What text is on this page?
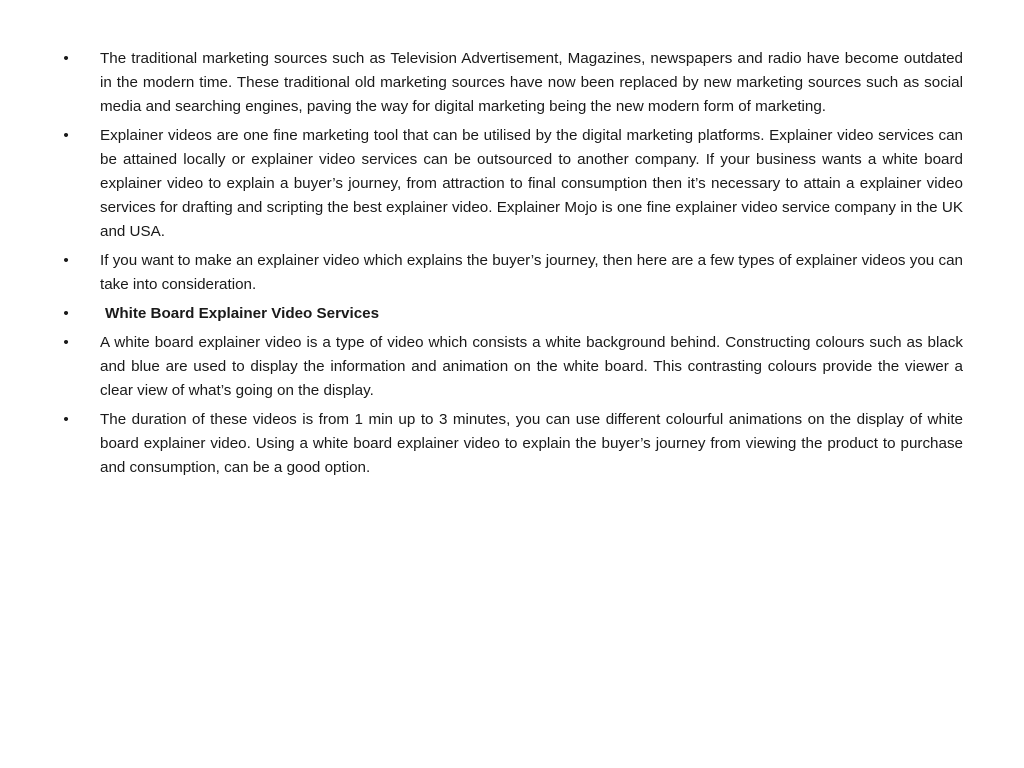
• The traditional marketing sources such as Television Advertisement, Magazines, newspapers and radio have become outdated in the modern time. These traditional old marketing sources have now been replaced by new marketing sources such as social media and searching engines, paving the way for digital marketing being the new modern form of marketing.
• Explainer videos are one fine marketing tool that can be utilised by the digital marketing platforms. Explainer video services can be attained locally or explainer video services can be outsourced to another company. If your business wants a white board explainer video to explain a buyer’s journey, from attraction to final consumption then it’s necessary to attain a explainer video services for drafting and scripting the best explainer video. Explainer Mojo is one fine explainer video service company in the UK and USA.
• If you want to make an explainer video which explains the buyer’s journey, then here are a few types of explainer videos you can take into consideration.
•	White Board Explainer Video Services
• A white board explainer video is a type of video which consists a white background behind. Constructing colours such as black and blue are used to display the information and animation on the white board. This contrasting colours provide the viewer a clear view of what’s going on the display.
• The duration of these videos is from 1 min up to 3 minutes, you can use different colourful animations on the display of white board explainer video. Using a white board explainer video to explain the buyer’s journey from viewing the product to purchase and consumption, can be a good option.
